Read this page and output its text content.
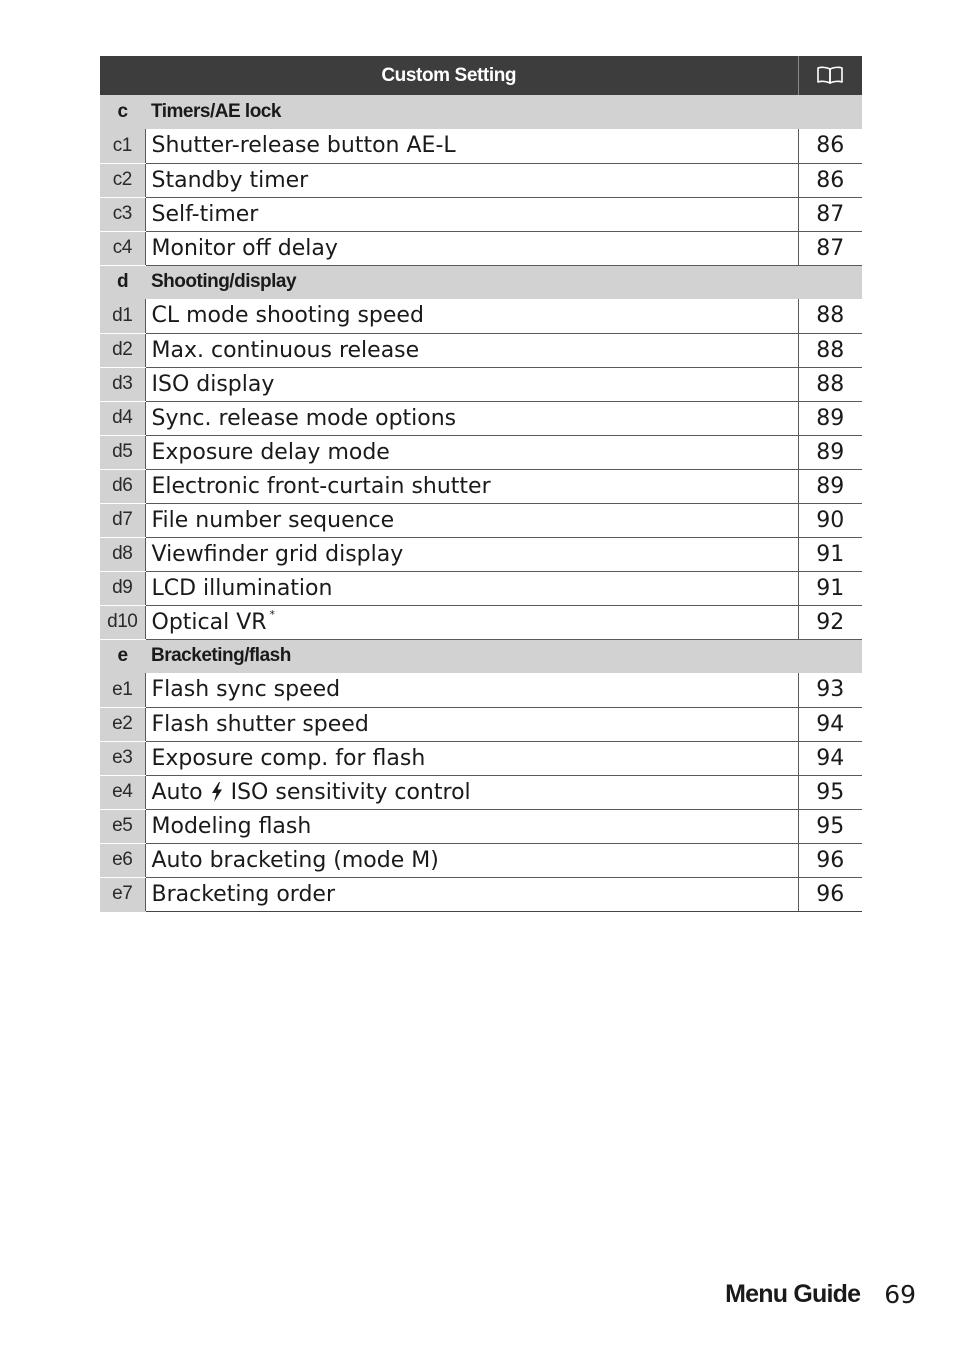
Custom Setting	
c	Timers/AE lock	
c1	Shutter-release button AE-L	86
c2	Standby timer	86
c3	Self-timer	87
c4	Monitor off delay	87
d	Shooting/display	
d1	CL mode shooting speed	88
d2	Max. continuous release	88
d3	ISO display	88
d4	Sync. release mode options	89
d5	Exposure delay mode	89
d6	Electronic front-curtain shutter	89
d7	File number sequence	90
d8	Viewfinder grid display	91
d9	LCD illumination	91
d10	Optical VR *	92
e	Bracketing/flash	
e1	Flash sync speed	93
e2	Flash shutter speed	94
e3	Exposure comp. for flash	94
e4	Auto ISO sensitivity control	95
e5	Modeling flash	95
e6	Auto bracketing (mode M)	96
e7	Bracketing order	96
Menu Guide 69
